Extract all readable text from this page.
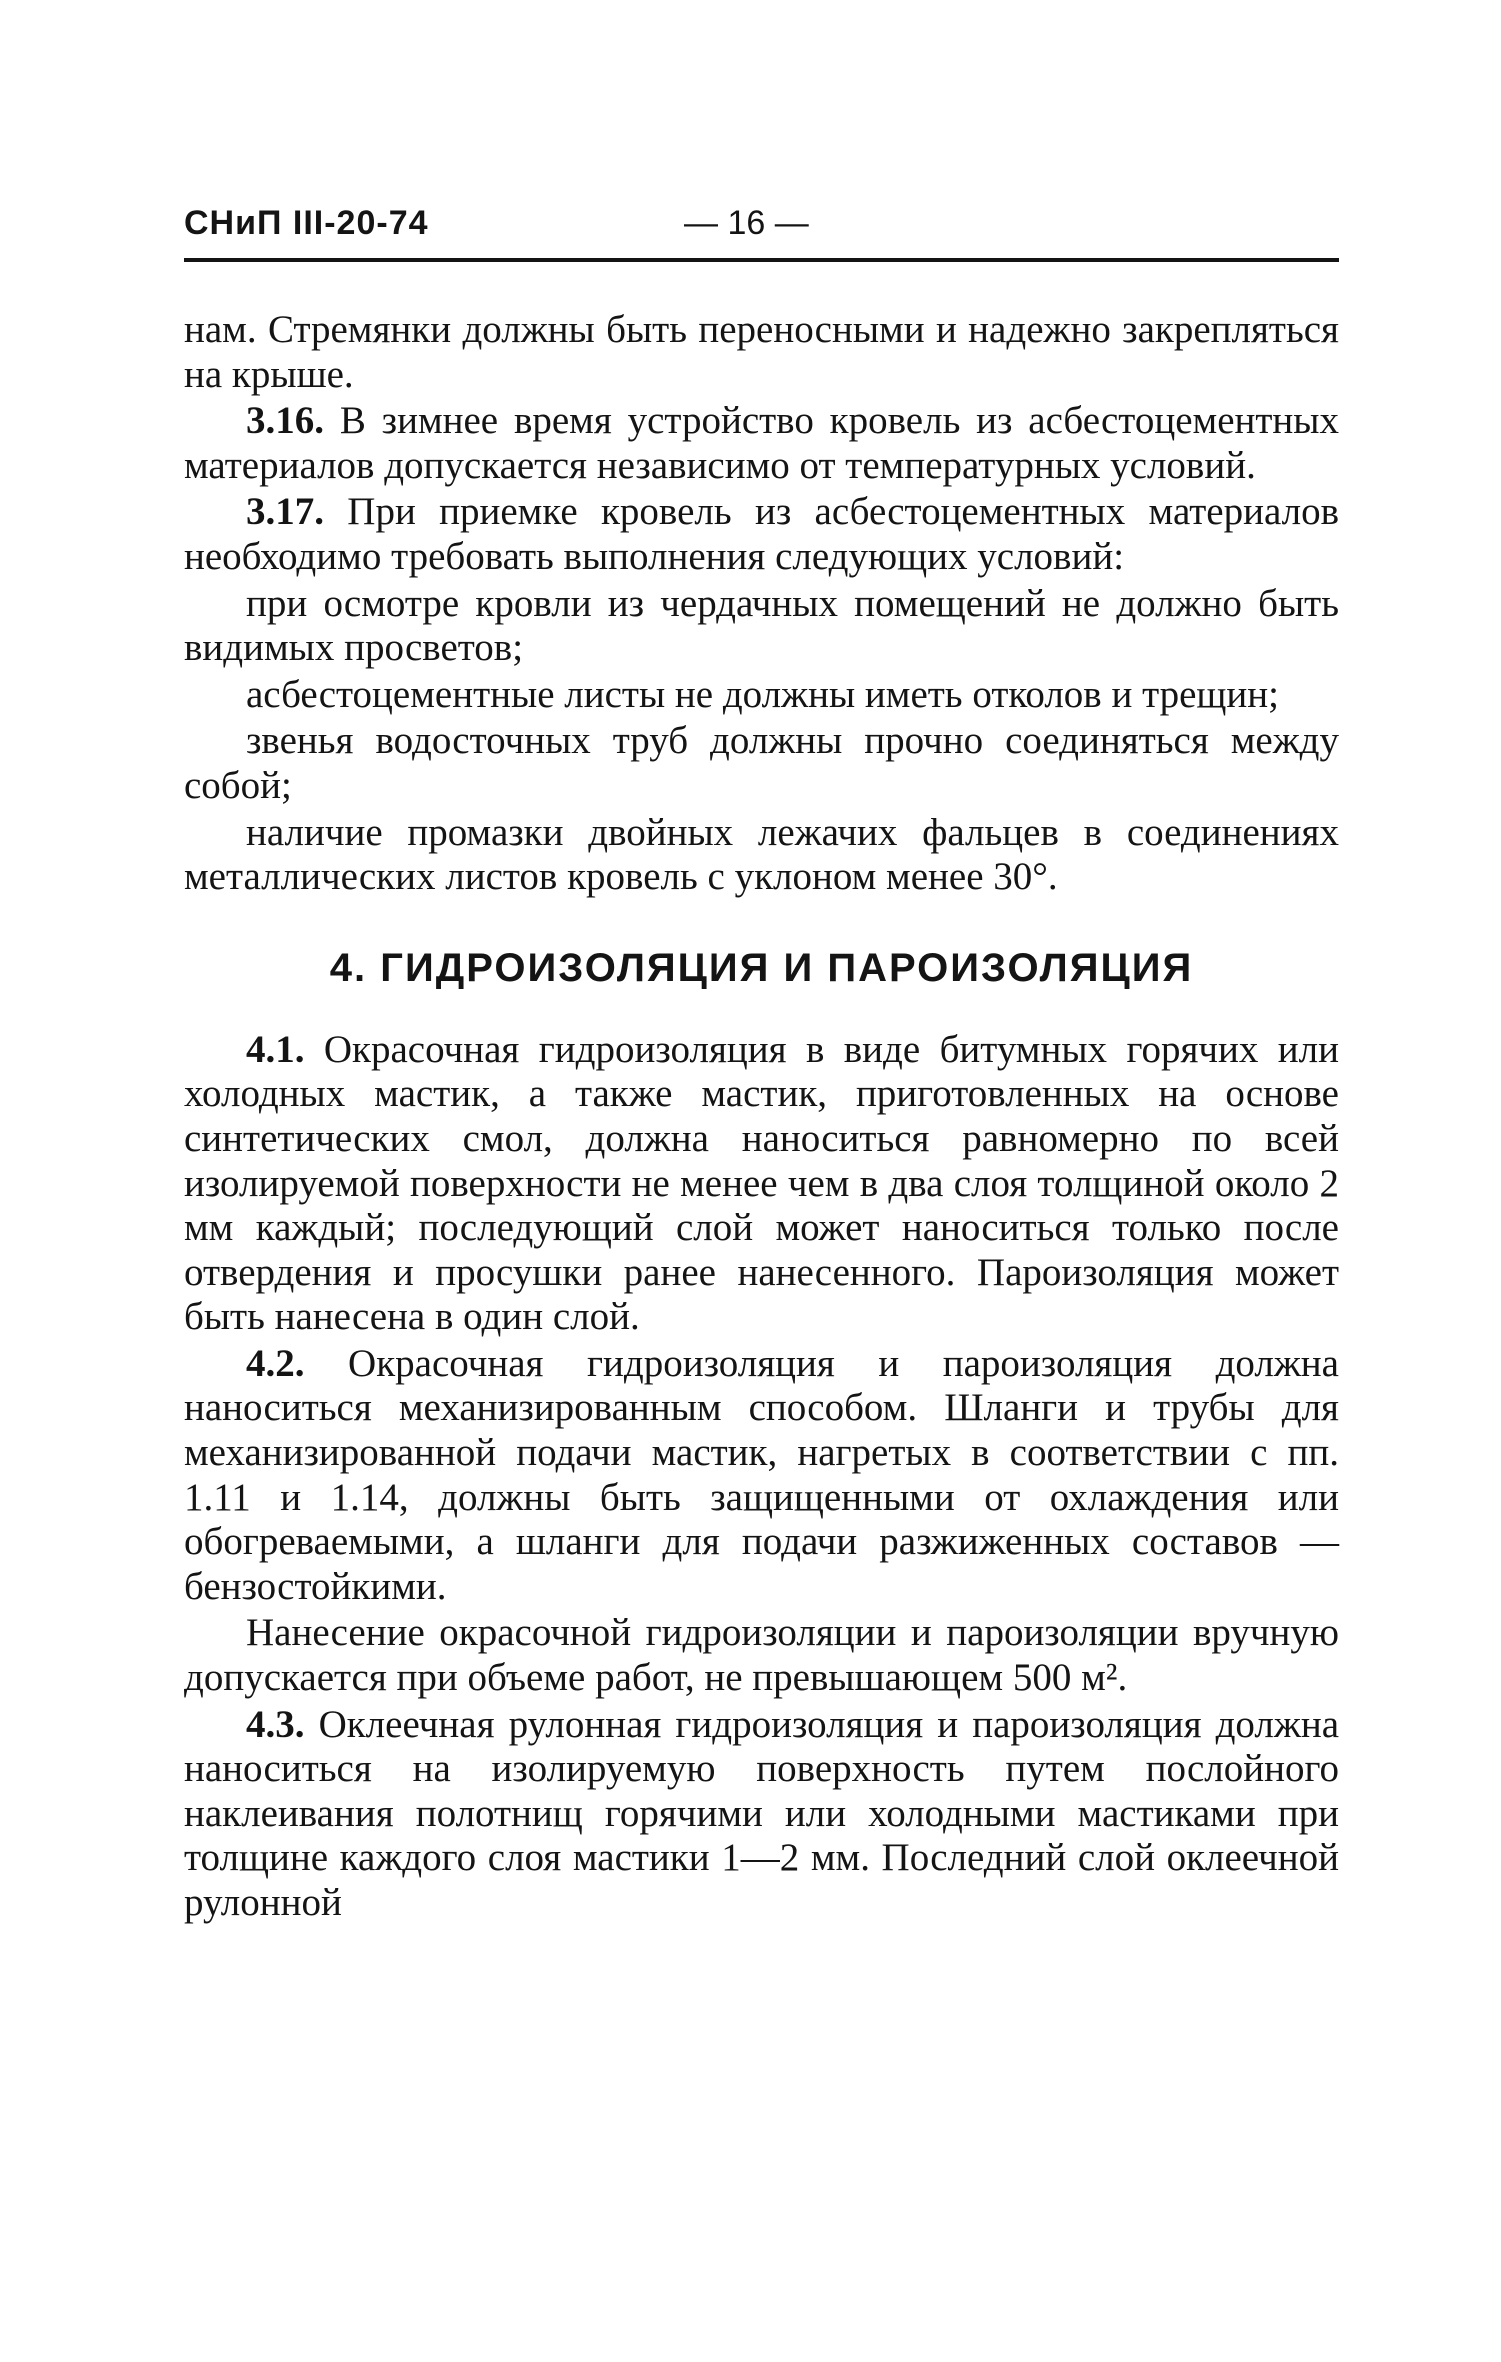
СНиП III-20-74	— 16 —

нам. Стремянки должны быть переносными и надежно закрепляться на крыше.

3.16. В зимнее время устройство кровель из асбестоцементных материалов допускается независимо от температурных условий.

3.17. При приемке кровель из асбестоцементных материалов необходимо требовать выполнения следующих условий:

при осмотре кровли из чердачных помещений не должно быть видимых просветов;

асбестоцементные листы не должны иметь отколов и трещин;

звенья водосточных труб должны прочно соединяться между собой;

наличие промазки двойных лежачих фальцев в соединениях металлических листов кровель с уклоном менее 30°.

4. ГИДРОИЗОЛЯЦИЯ И ПАРОИЗОЛЯЦИЯ

4.1. Окрасочная гидроизоляция в виде битумных горячих или холодных мастик, а также мастик, приготовленных на основе синтетических смол, должна наноситься равномерно по всей изолируемой поверхности не менее чем в два слоя толщиной около 2 мм каждый; последующий слой может наноситься только после отвердения и просушки ранее нанесенного. Пароизоляция может быть нанесена в один слой.

4.2. Окрасочная гидроизоляция и пароизоляция должна наноситься механизированным способом. Шланги и трубы для механизированной подачи мастик, нагретых в соответствии с пп. 1.11 и 1.14, должны быть защищенными от охлаждения или обогреваемыми, а шланги для подачи разжиженных составов — бензостойкими.

Нанесение окрасочной гидроизоляции и пароизоляции вручную допускается при объеме работ, не превышающем 500 м².

4.3. Оклеечная рулонная гидроизоляция и пароизоляция должна наноситься на изолируемую поверхность путем послойного наклеивания полотнищ горячими или холодными мастиками при толщине каждого слоя мастики 1—2 мм. Последний слой оклеечной рулонной
